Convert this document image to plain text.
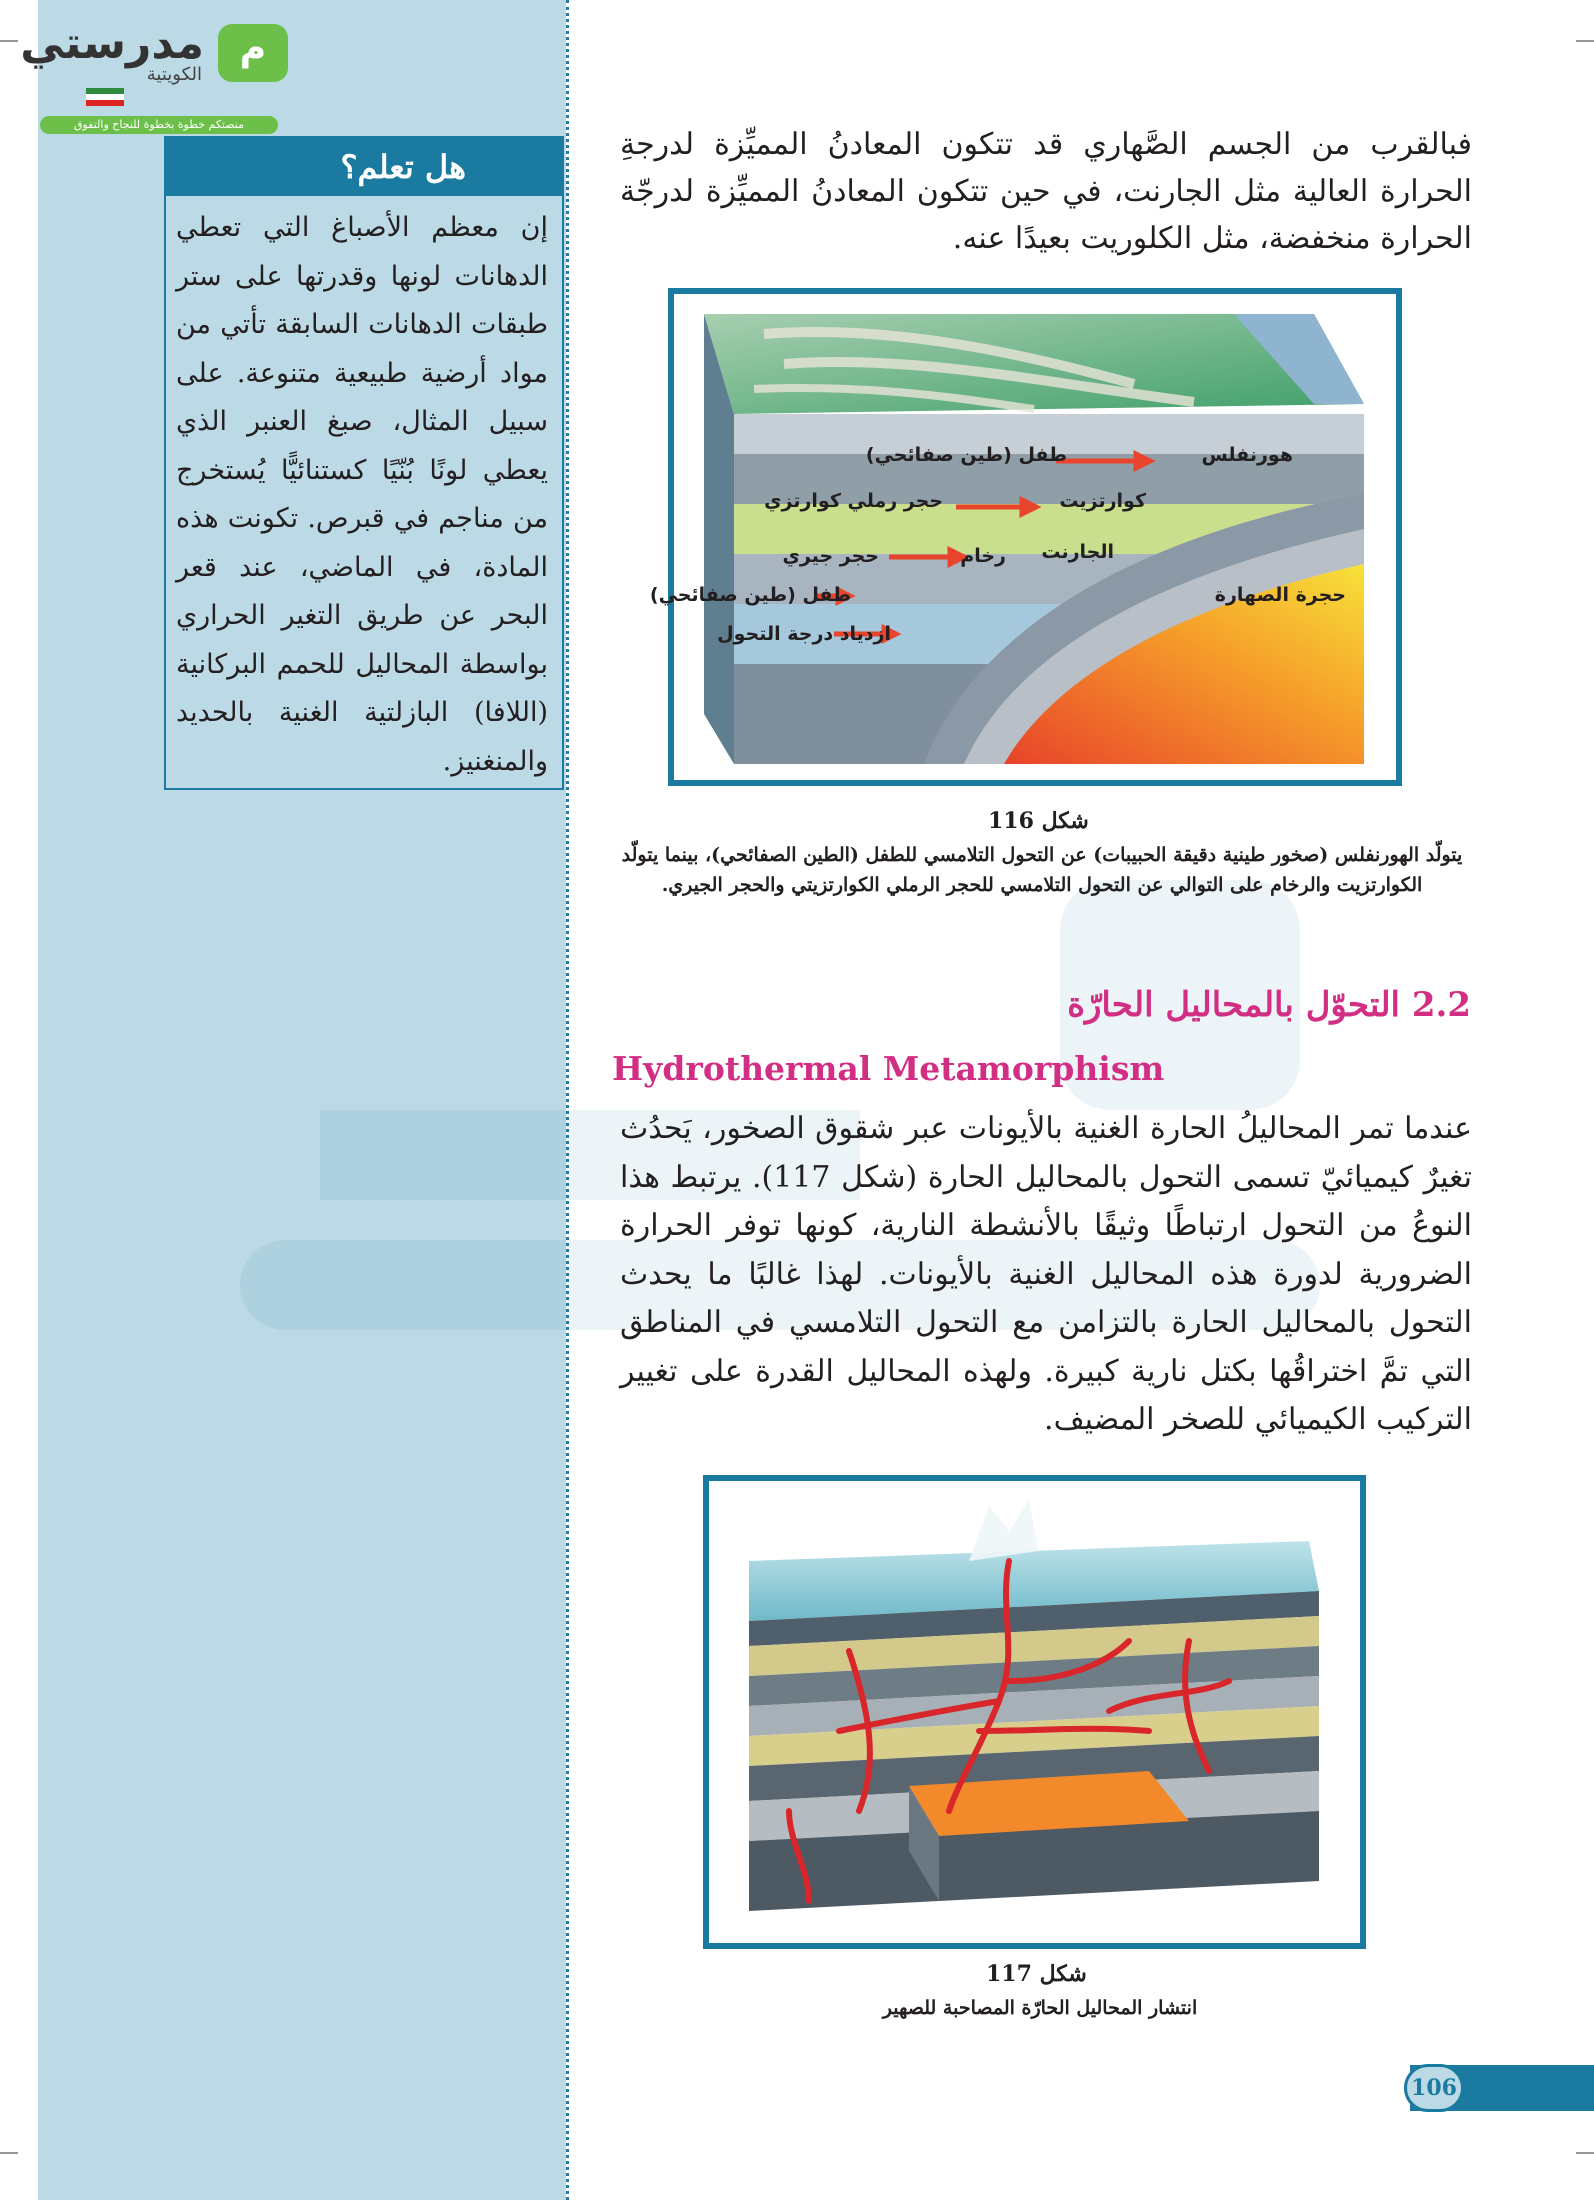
م
مدرستي
الكويتية
منصتكم خطوة بخطوة للنجاح والتفوق
هل تعلم؟
إن معظم الأصباغ التي تعطي الدهانات لونها وقدرتها على ستر طبقات الدهانات السابقة تأتي من مواد أرضية طبيعية متنوعة. على سبيل المثال، صبغ العنبر الذي يعطي لونًا بُنّيًا كستنائيًّا يُستخرج من مناجم في قبرص. تكونت هذه المادة، في الماضي، عند قعر البحر عن طريق التغير الحراري بواسطة المحاليل للحمم البركانية (اللافا) البازلتية الغنية بالحديد والمنغنيز.
فبالقرب من الجسم الصَّهاري قد تتكون المعادنُ المميِّزة لدرجةِ الحرارة العالية مثل الجارنت، في حين تتكون المعادنُ المميِّزة لدرجّة الحرارة منخفضة، مثل الكلوريت بعيدًا عنه.
هورنفلس
طفل (طين صفائحي)
كوارتزيت
حجر رملي كوارتزي
الجارنت
رخام
حجر جيري
طفل (طين صفائحي)	حجرة الصهارة
ازدياد درجة التحول
شكل 116
يتولّد الهورنفلس (صخور طينية دقيقة الحبيبات) عن التحول التلامسي للطفل (الطين الصفائحي)، بينما يتولّد الكوارتزيت والرخام على التوالي عن التحول التلامسي للحجر الرملي الكوارتزيتي والحجر الجيري.
2.2 التحوّل بالمحاليل الحارّة
Hydrothermal Metamorphism
عندما تمر المحاليلُ الحارة الغنية بالأيونات عبر شقوق الصخور، يَحدُث تغيرٌ كيميائيّ تسمى التحول بالمحاليل الحارة (شكل 117). يرتبط هذا النوعُ من التحول ارتباطًا وثيقًا بالأنشطة النارية، كونها توفر الحرارة الضرورية لدورة هذه المحاليل الغنية بالأيونات. لهذا غالبًا ما يحدث التحول بالمحاليل الحارة بالتزامن مع التحول التلامسي في المناطق التي تمَّ اختراقُها بكتل نارية كبيرة. ولهذه المحاليل القدرة على تغيير التركيب الكيميائي للصخر المضيف.
شكل 117
انتشار المحاليل الحارّة المصاحبة للصهير
106
